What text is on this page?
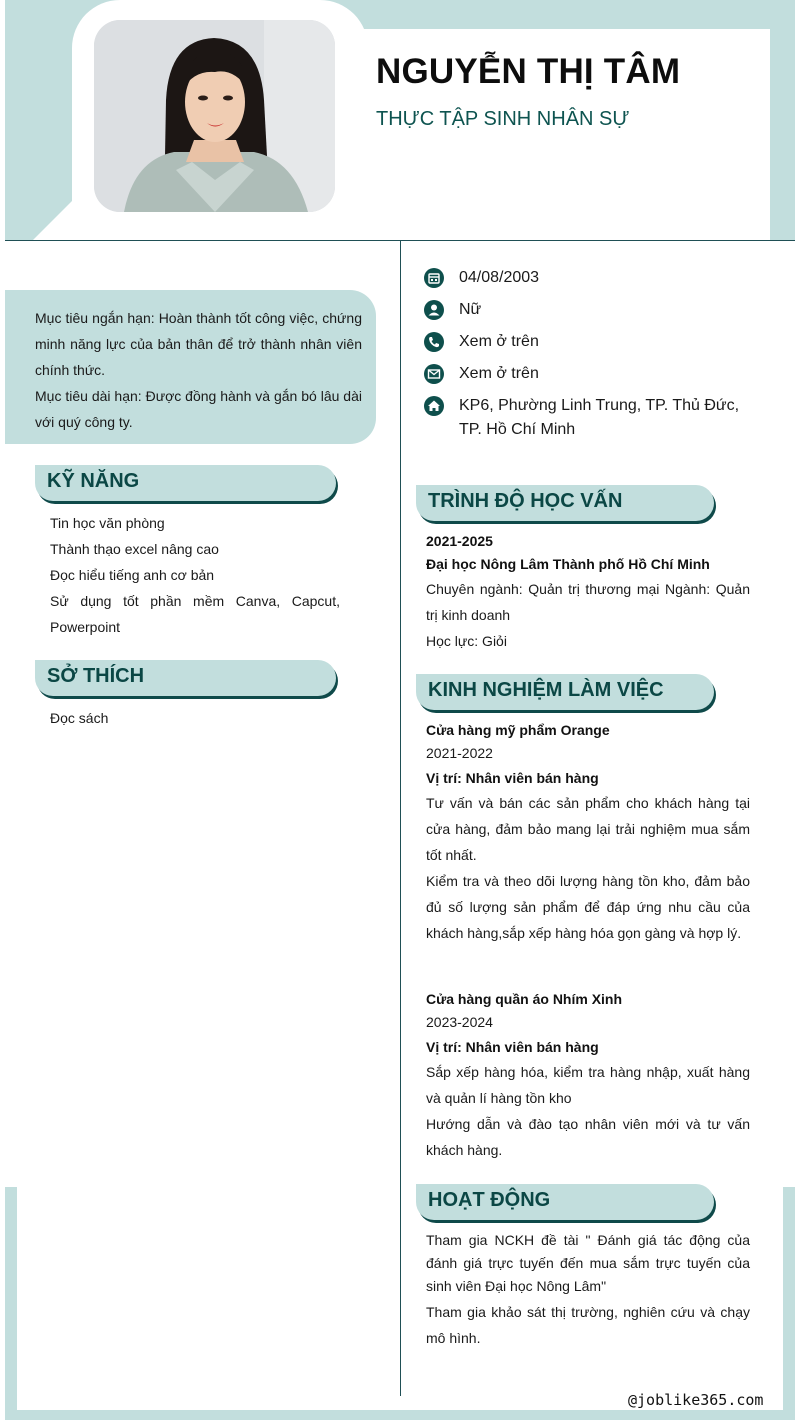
NGUYỄN THỊ TÂM
THỰC TẬP SINH NHÂN SỰ

Mục tiêu ngắn hạn: Hoàn thành tốt công việc, chứng minh năng lực của bản thân để trở thành nhân viên chính thức.

Mục tiêu dài hạn: Được đồng hành và gắn bó lâu dài với quý công ty.

KỸ NĂNG

Tin học văn phòng

Thành thạo excel nâng cao

Đọc hiểu tiếng anh cơ bản

Sử dụng tốt phần mềm Canva, Capcut, Powerpoint

SỞ THÍCH

Đọc sách

04/08/2003
Nữ
Xem ở trên
Xem ở trên
KP6, Phường Linh Trung, TP. Thủ Đức, TP. Hồ Chí Minh
TRÌNH ĐỘ HỌC VẤN
2021-2025
Đại học Nông Lâm Thành phố Hồ Chí Minh
Chuyên ngành: Quản trị thương mại Ngành: Quản trị kinh doanh
Học lực: Giỏi
KINH NGHIỆM LÀM VIỆC
Cửa hàng mỹ phẩm Orange
2021-2022
Vị trí: Nhân viên bán hàng
Tư vấn và bán các sản phẩm cho khách hàng tại cửa hàng, đảm bảo mang lại trải nghiệm mua sắm tốt nhất.
Kiểm tra và theo dõi lượng hàng tồn kho, đảm bảo đủ số lượng sản phẩm để đáp ứng nhu cầu của khách hàng,sắp xếp hàng hóa gọn gàng và hợp lý.
Cửa hàng quần áo Nhím Xinh
2023-2024
Vị trí: Nhân viên bán hàng
Sắp xếp hàng hóa, kiểm tra hàng nhập, xuất hàng và quản lí hàng tồn kho
Hướng dẫn và đào tạo nhân viên mới và tư vấn khách hàng.
HOẠT ĐỘNG
Tham gia NCKH đề tài " Đánh giá tác động của đánh giá trực tuyến đến mua sắm trực tuyến của sinh viên Đại học Nông Lâm"
Tham gia khảo sát thị trường, nghiên cứu và chạy mô hình.
@joblike365.com
